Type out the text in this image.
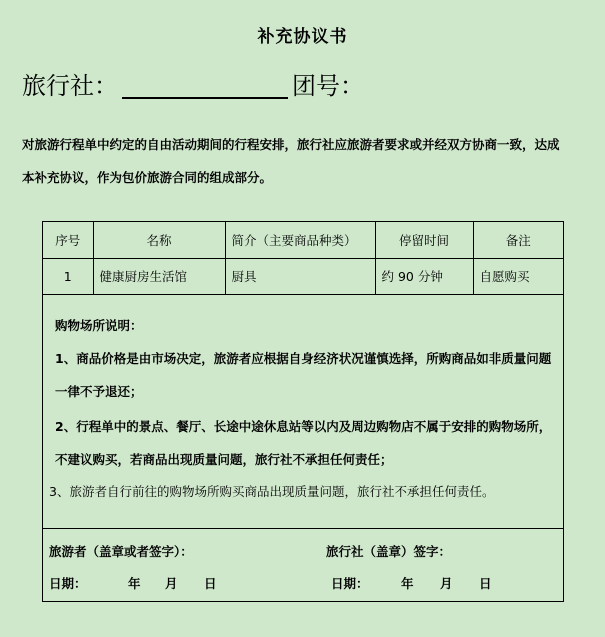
补充协议书
旅行社：	团号：
对旅游行程单中约定的自由活动期间的行程安排，旅行社应旅游者要求或并经双方协商一致，达成
本补充协议，作为包价旅游合同的组成部分。
序号	名称	简介（主要商品种类）	停留时间	备注
1	健康厨房生活馆	厨具	约 90 分钟	自愿购买
购物场所说明：
1、商品价格是由市场决定，旅游者应根据自身经济状况谨慎选择，所购商品如非质量问题
一律不予退还；
2、行程单中的景点、餐厅、长途中途休息站等以内及周边购物店不属于安排的购物场所，
不建议购买，若商品出现质量问题，旅行社不承担任何责任；
3、旅游者自行前往的购物场所购买商品出现质量问题，旅行社不承担任何责任。
旅游者（盖章或者签字）：	旅行社（盖章）签字：
日期：	年 月 日	日期：	年 月 日
